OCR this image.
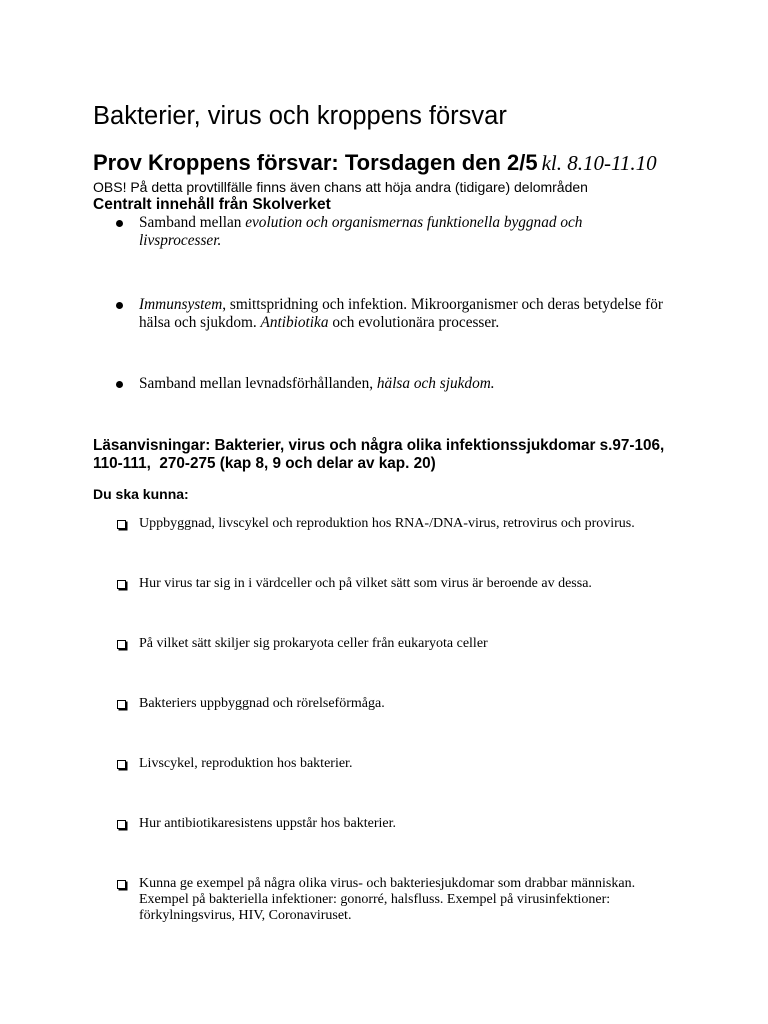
Bakterier, virus och kroppens försvar
Prov Kroppens försvar: Torsdagen den 2/5 kl. 8.10-11.10
OBS! På detta provtillfälle finns även chans att höja andra (tidigare) delområden
Centralt innehåll från Skolverket
Samband mellan evolution och organismernas funktionella byggnad och
livsprocesser.
Immunsystem, smittspridning och infektion. Mikroorganismer och deras betydelse för
hälsa och sjukdom. Antibiotika och evolutionära processer.
Samband mellan levnadsförhållanden, hälsa och sjukdom.
Läsanvisningar: Bakterier, virus och några olika infektionssjukdomar s.97-106,
110-111,  270-275 (kap 8, 9 och delar av kap. 20)
Du ska kunna:
Uppbyggnad, livscykel och reproduktion hos RNA-/DNA-virus, retrovirus och provirus.
Hur virus tar sig in i värdceller och på vilket sätt som virus är beroende av dessa.
På vilket sätt skiljer sig prokaryota celler från eukaryota celler
Bakteriers uppbyggnad och rörelseförmåga.
Livscykel, reproduktion hos bakterier.
Hur antibiotikaresistens uppstår hos bakterier.
Kunna ge exempel på några olika virus- och bakteriesjukdomar som drabbar människan.
Exempel på bakteriella infektioner: gonorré, halsfluss. Exempel på virusinfektioner:
förkylningsvirus, HIV, Coronaviruset.
